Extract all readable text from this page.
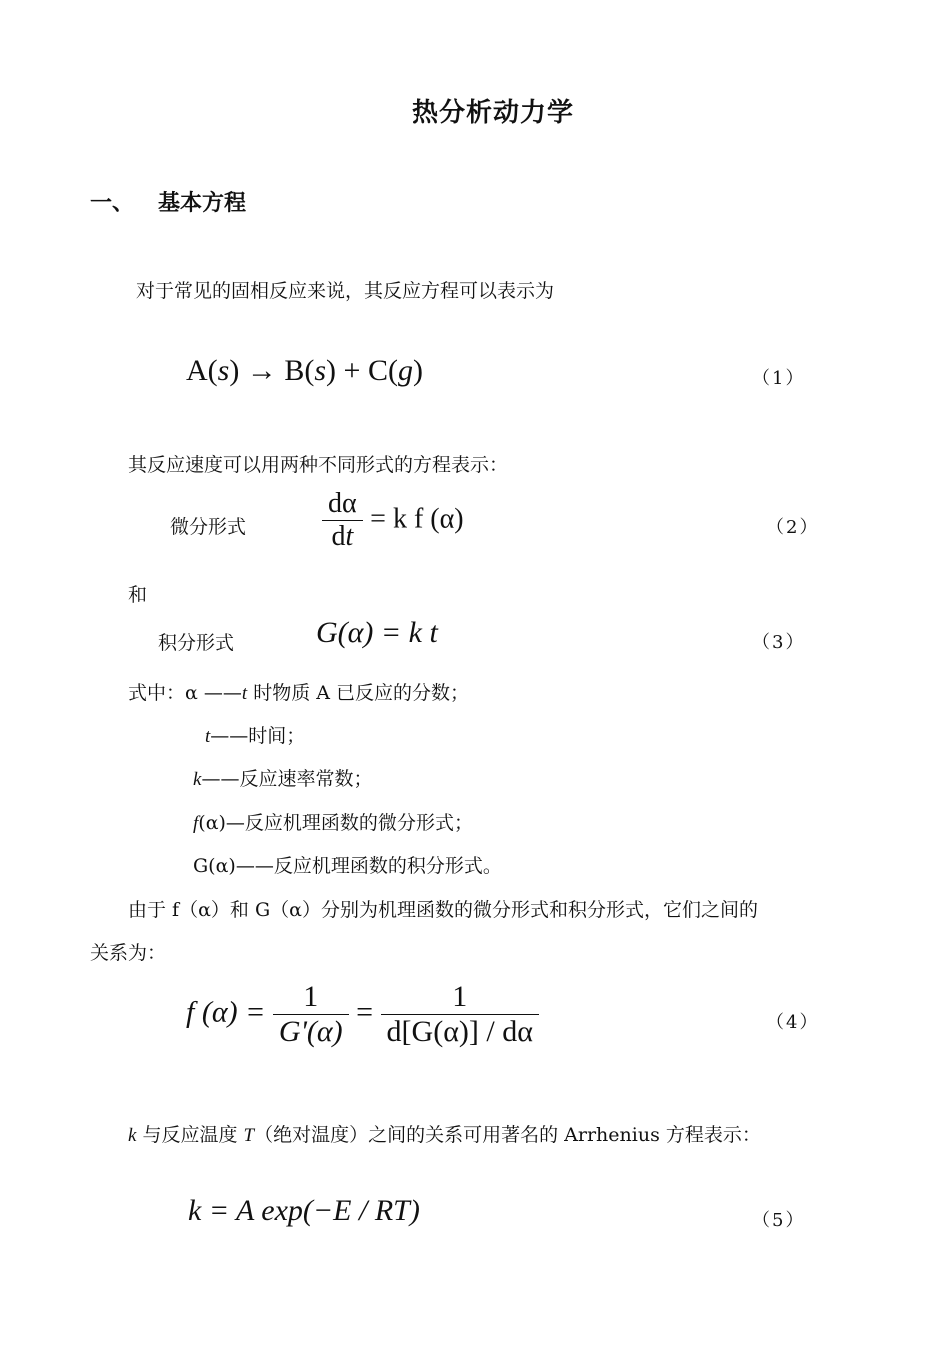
热分析动力学
一、 基本方程
对于常见的固相反应来说，其反应方程可以表示为
A(s) → B(s) + C(g)	（1）
其反应速度可以用两种不同形式的方程表示：
微分形式	$\frac{d\alpha}{dt} = k$ f (α)	（2）
和
积分形式	G(α) = k t	（3）
式中：α ——t 时物质 A 已反应的分数；
t——时间；
k——反应速率常数；
f(α)—反应机理函数的微分形式；
G(α)——反应机理函数的积分形式。
由于 f（α）和 G（α）分别为机理函数的微分形式和积分形式，它们之间的
关系为：
f $(\alpha) = \frac{1}{G'(\alpha)} = \frac{1}{d[G(\alpha)] / d\alpha}$	（4）
k 与反应温度 T（绝对温度）之间的关系可用著名的 Arrhenius 方程表示：
k = A exp(−E / RT)	（5）
